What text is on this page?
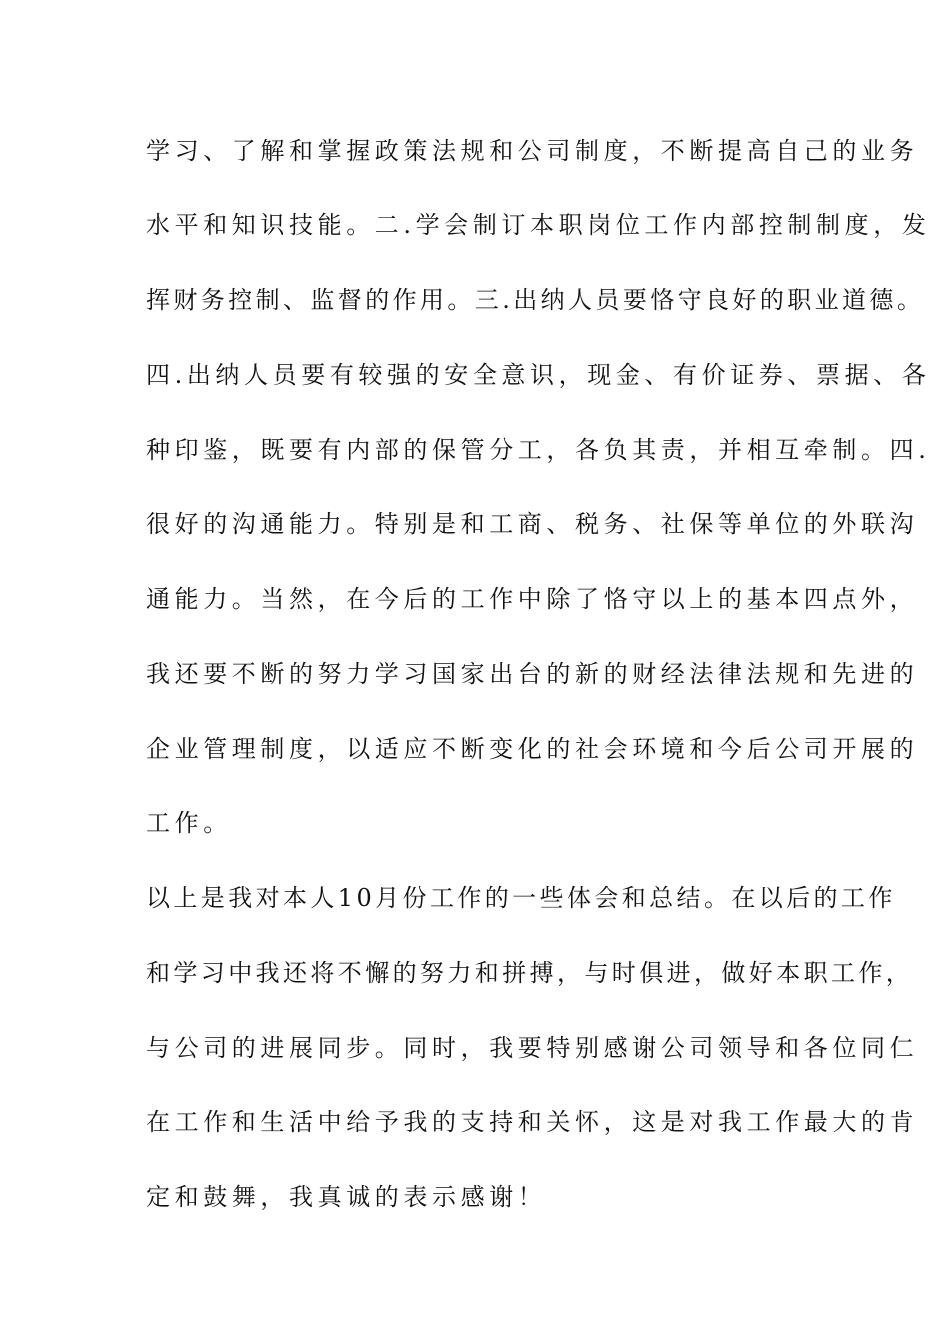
学习、了解和掌握政策法规和公司制度，不断提高自己的业务
水平和知识技能。二.学会制订本职岗位工作内部控制制度，发
挥财务控制、监督的作用。三.出纳人员要恪守良好的职业道德。
四.出纳人员要有较强的安全意识，现金、有价证券、票据、各
种印鉴，既要有内部的保管分工，各负其责，并相互牵制。四.
很好的沟通能力。特别是和工商、税务、社保等单位的外联沟
通能力。当然，在今后的工作中除了恪守以上的基本四点外，
我还要不断的努力学习国家出台的新的财经法律法规和先进的
企业管理制度，以适应不断变化的社会环境和今后公司开展的
工作。
以上是我对本人10月份工作的一些体会和总结。在以后的工作
和学习中我还将不懈的努力和拼搏，与时俱进，做好本职工作，
与公司的进展同步。同时，我要特别感谢公司领导和各位同仁
在工作和生活中给予我的支持和关怀，这是对我工作最大的肯
定和鼓舞，我真诚的表示感谢！
